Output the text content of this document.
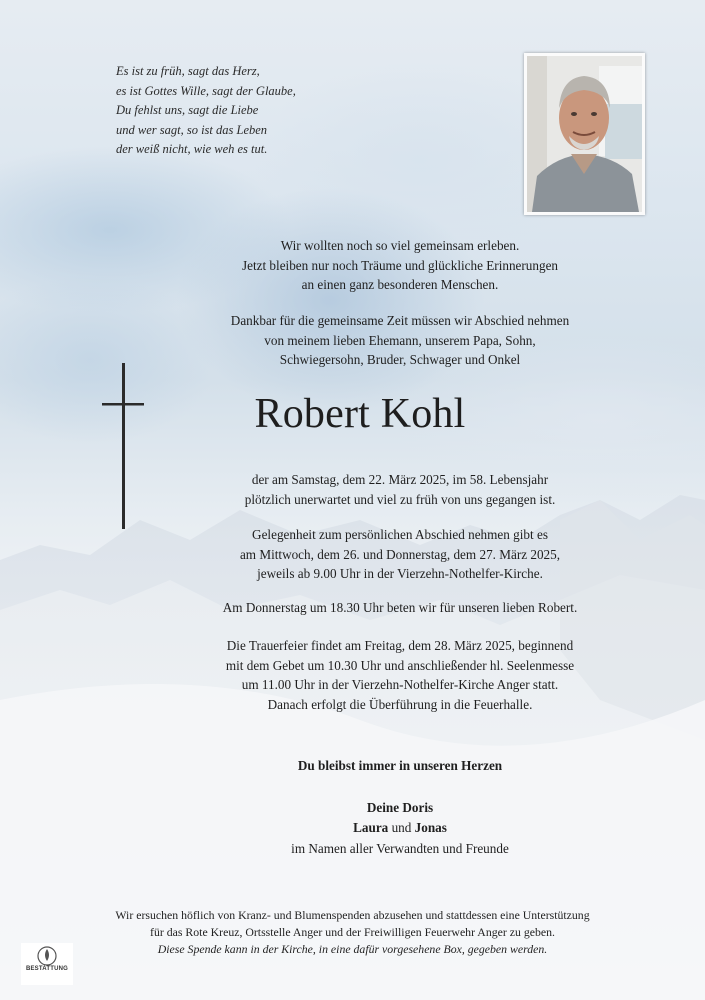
Es ist zu früh, sagt das Herz,
es ist Gottes Wille, sagt der Glaube,
Du fehlst uns, sagt die Liebe
und wer sagt, so ist das Leben
der weiß nicht, wie weh es tut.
Wir wollten noch so viel gemeinsam erleben.
Jetzt bleiben nur noch Träume und glückliche Erinnerungen
an einen ganz besonderen Menschen.
Dankbar für die gemeinsame Zeit müssen wir Abschied nehmen
von meinem lieben Ehemann, unserem Papa, Sohn,
Schwiegersohn, Bruder, Schwager und Onkel
Robert Kohl
der am Samstag, dem 22. März 2025, im 58. Lebensjahr
plötzlich unerwartet und viel zu früh von uns gegangen ist.
Gelegenheit zum persönlichen Abschied nehmen gibt es
am Mittwoch, dem 26. und Donnerstag, dem 27. März 2025,
jeweils ab 9.00 Uhr in der Vierzehn-Nothelfer-Kirche.
Am Donnerstag um 18.30 Uhr beten wir für unseren lieben Robert.
Die Trauerfeier findet am Freitag, dem 28. März 2025, beginnend
mit dem Gebet um 10.30 Uhr und anschließender hl. Seelenmesse
um 11.00 Uhr in der Vierzehn-Nothelfer-Kirche Anger statt.
Danach erfolgt die Überführung in die Feuerhalle.
Du bleibst immer in unseren Herzen
Deine Doris
Laura und Jonas
im Namen aller Verwandten und Freunde
Wir ersuchen höflich von Kranz- und Blumenspenden abzusehen und stattdessen eine Unterstützung
für das Rote Kreuz, Ortsstelle Anger und der Freiwilligen Feuerwehr Anger zu geben.
Diese Spende kann in der Kirche, in eine dafür vorgesehene Box, gegeben werden.
BESTATTUNG
